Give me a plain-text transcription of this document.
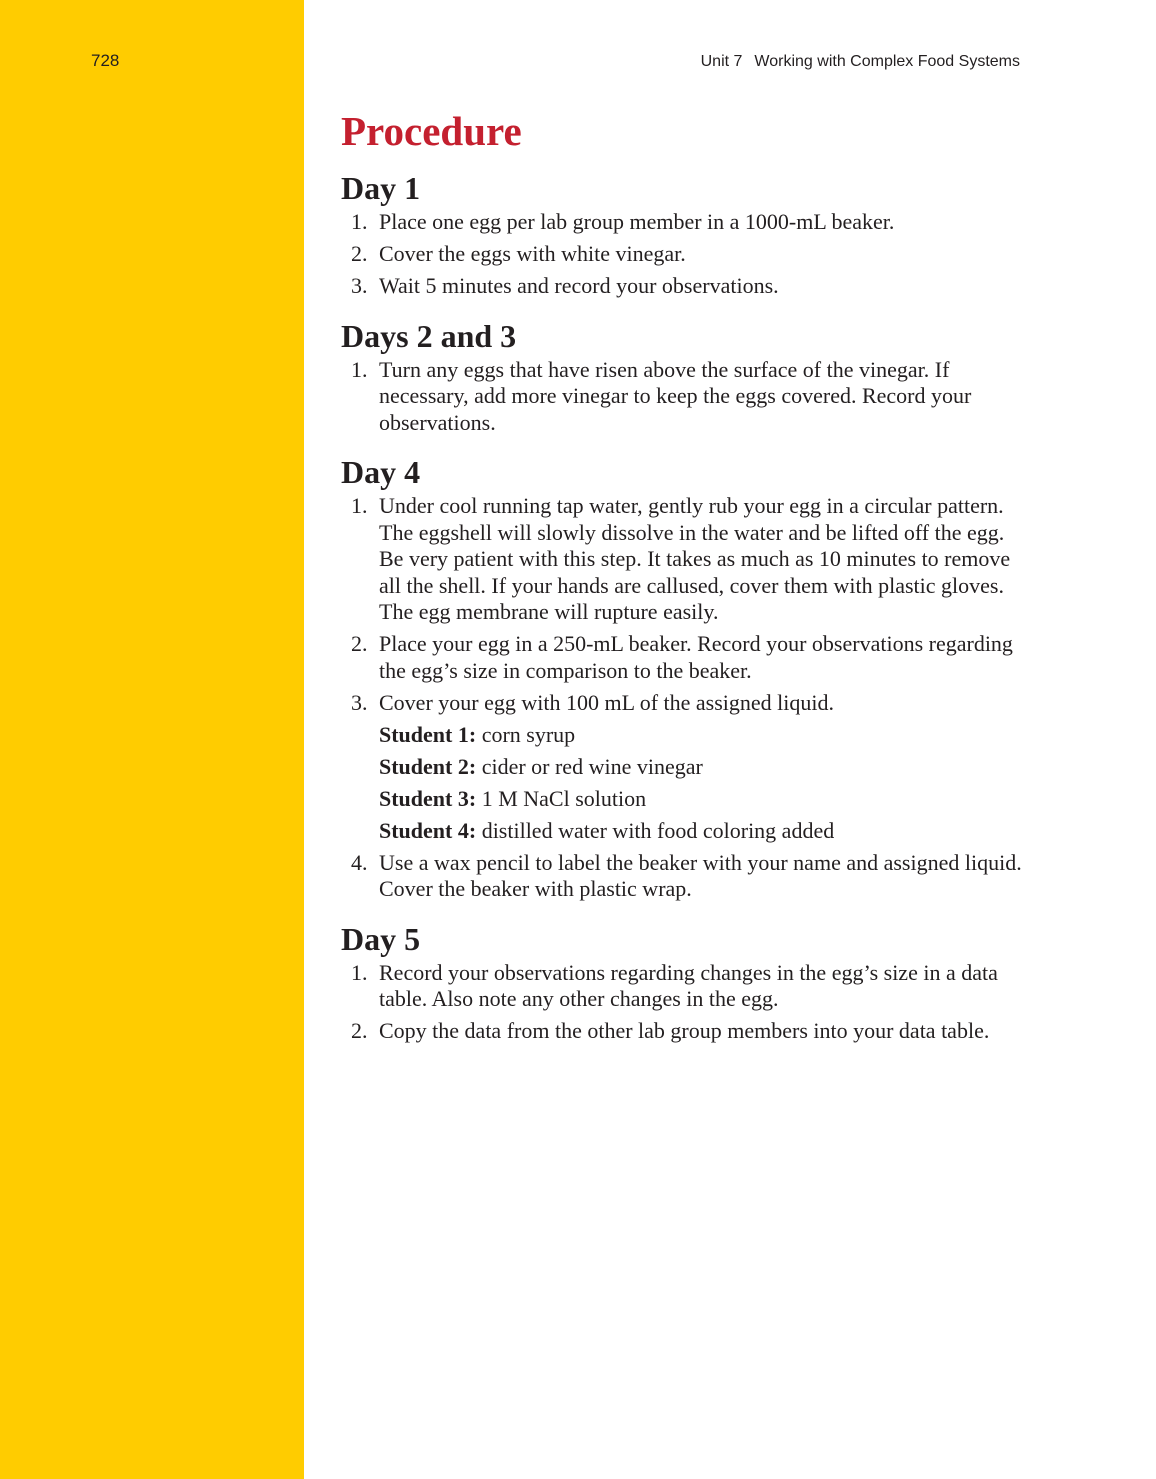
728	Unit 7 Working with Complex Food Systems
Procedure
Day 1
1. Place one egg per lab group member in a 1000-mL beaker.
2. Cover the eggs with white vinegar.
3. Wait 5 minutes and record your observations.
Days 2 and 3
1. Turn any eggs that have risen above the surface of the vinegar. If necessary, add more vinegar to keep the eggs covered. Record your observations.
Day 4
1. Under cool running tap water, gently rub your egg in a circular pattern. The eggshell will slowly dissolve in the water and be lifted off the egg. Be very patient with this step. It takes as much as 10 minutes to remove all the shell. If your hands are callused, cover them with plastic gloves. The egg membrane will rupture easily.
2. Place your egg in a 250-mL beaker. Record your observations regarding the egg’s size in comparison to the beaker.
3. Cover your egg with 100 mL of the assigned liquid.
Student 1: corn syrup
Student 2: cider or red wine vinegar
Student 3: 1 M NaCl solution
Student 4: distilled water with food coloring added
4. Use a wax pencil to label the beaker with your name and assigned liquid. Cover the beaker with plastic wrap.
Day 5
1. Record your observations regarding changes in the egg’s size in a data table. Also note any other changes in the egg.
2. Copy the data from the other lab group members into your data table.
